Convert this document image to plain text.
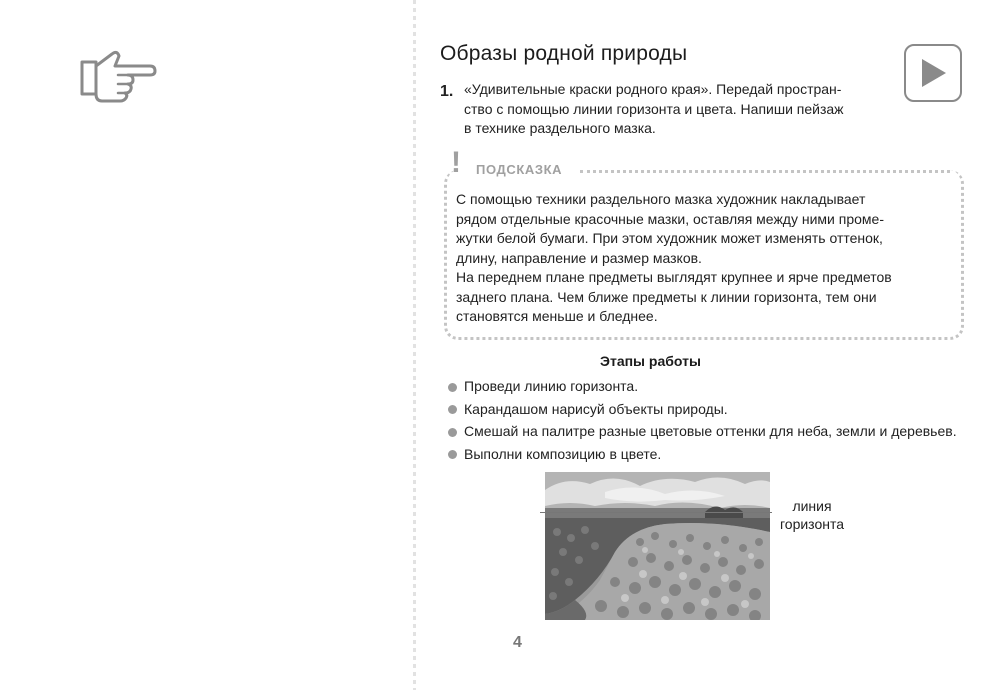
Образы родной природы
1. «Удивительные краски родного края». Передай простран-
ство с помощью линии горизонта и цвета. Напиши пейзаж
в технике раздельного мазка.
! ПОДСКАЗКА

С помощью техники раздельного мазка художник накладывает

рядом отдельные красочные мазки, оставляя между ними проме-

жутки белой бумаги. При этом художник может изменять оттенок,

длину, направление и размер мазков.

На переднем плане предметы выглядят крупнее и ярче предметов

заднего плана. Чем ближе предметы к линии горизонта, тем они

становятся меньше и бледнее.

Этапы работы
Проведи линию горизонта.
Карандашом нарисуй объекты природы.
Смешай на палитре разные цветовые оттенки для неба, земли и деревьев.
Выполни композицию в цвете.
линия
горизонта
4
